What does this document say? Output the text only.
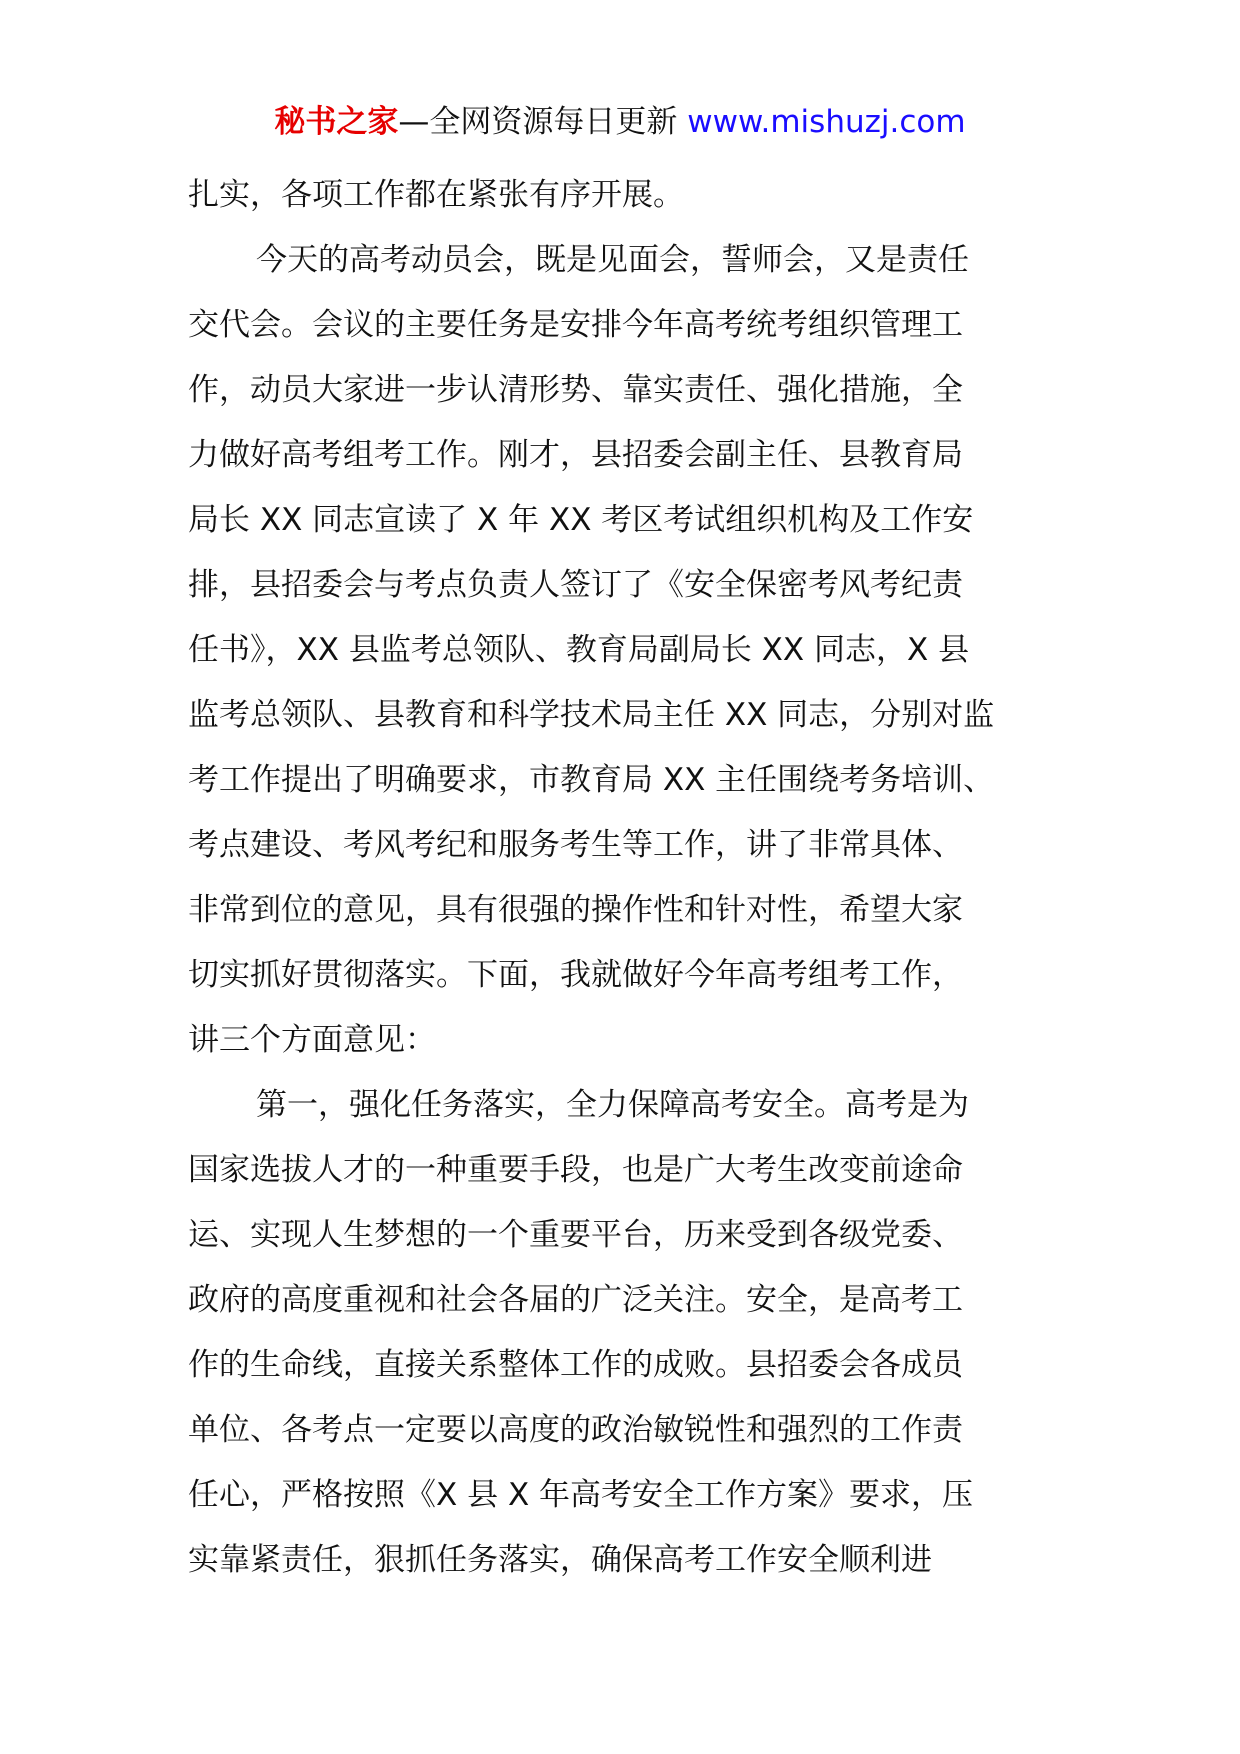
秘书之家—全网资源每日更新 www.mishuzj.com
扎实，各项工作都在紧张有序开展。
今天的高考动员会，既是见面会，誓师会，又是责任
交代会。会议的主要任务是安排今年高考统考组织管理工
作，动员大家进一步认清形势、靠实责任、强化措施，全
力做好高考组考工作。刚才，县招委会副主任、县教育局
局长 XX 同志宣读了 X 年 XX 考区考试组织机构及工作安
排，县招委会与考点负责人签订了《安全保密考风考纪责
任书》，XX 县监考总领队、教育局副局长 XX 同志，X 县
监考总领队、县教育和科学技术局主任 XX 同志，分别对监
考工作提出了明确要求，市教育局 XX 主任围绕考务培训、
考点建设、考风考纪和服务考生等工作，讲了非常具体、
非常到位的意见，具有很强的操作性和针对性，希望大家
切实抓好贯彻落实。下面，我就做好今年高考组考工作，
讲三个方面意见：
第一，强化任务落实，全力保障高考安全。高考是为
国家选拔人才的一种重要手段，也是广大考生改变前途命
运、实现人生梦想的一个重要平台，历来受到各级党委、
政府的高度重视和社会各届的广泛关注。安全，是高考工
作的生命线，直接关系整体工作的成败。县招委会各成员
单位、各考点一定要以高度的政治敏锐性和强烈的工作责
任心，严格按照《X 县 X 年高考安全工作方案》要求，压
实靠紧责任，狠抓任务落实，确保高考工作安全顺利进
